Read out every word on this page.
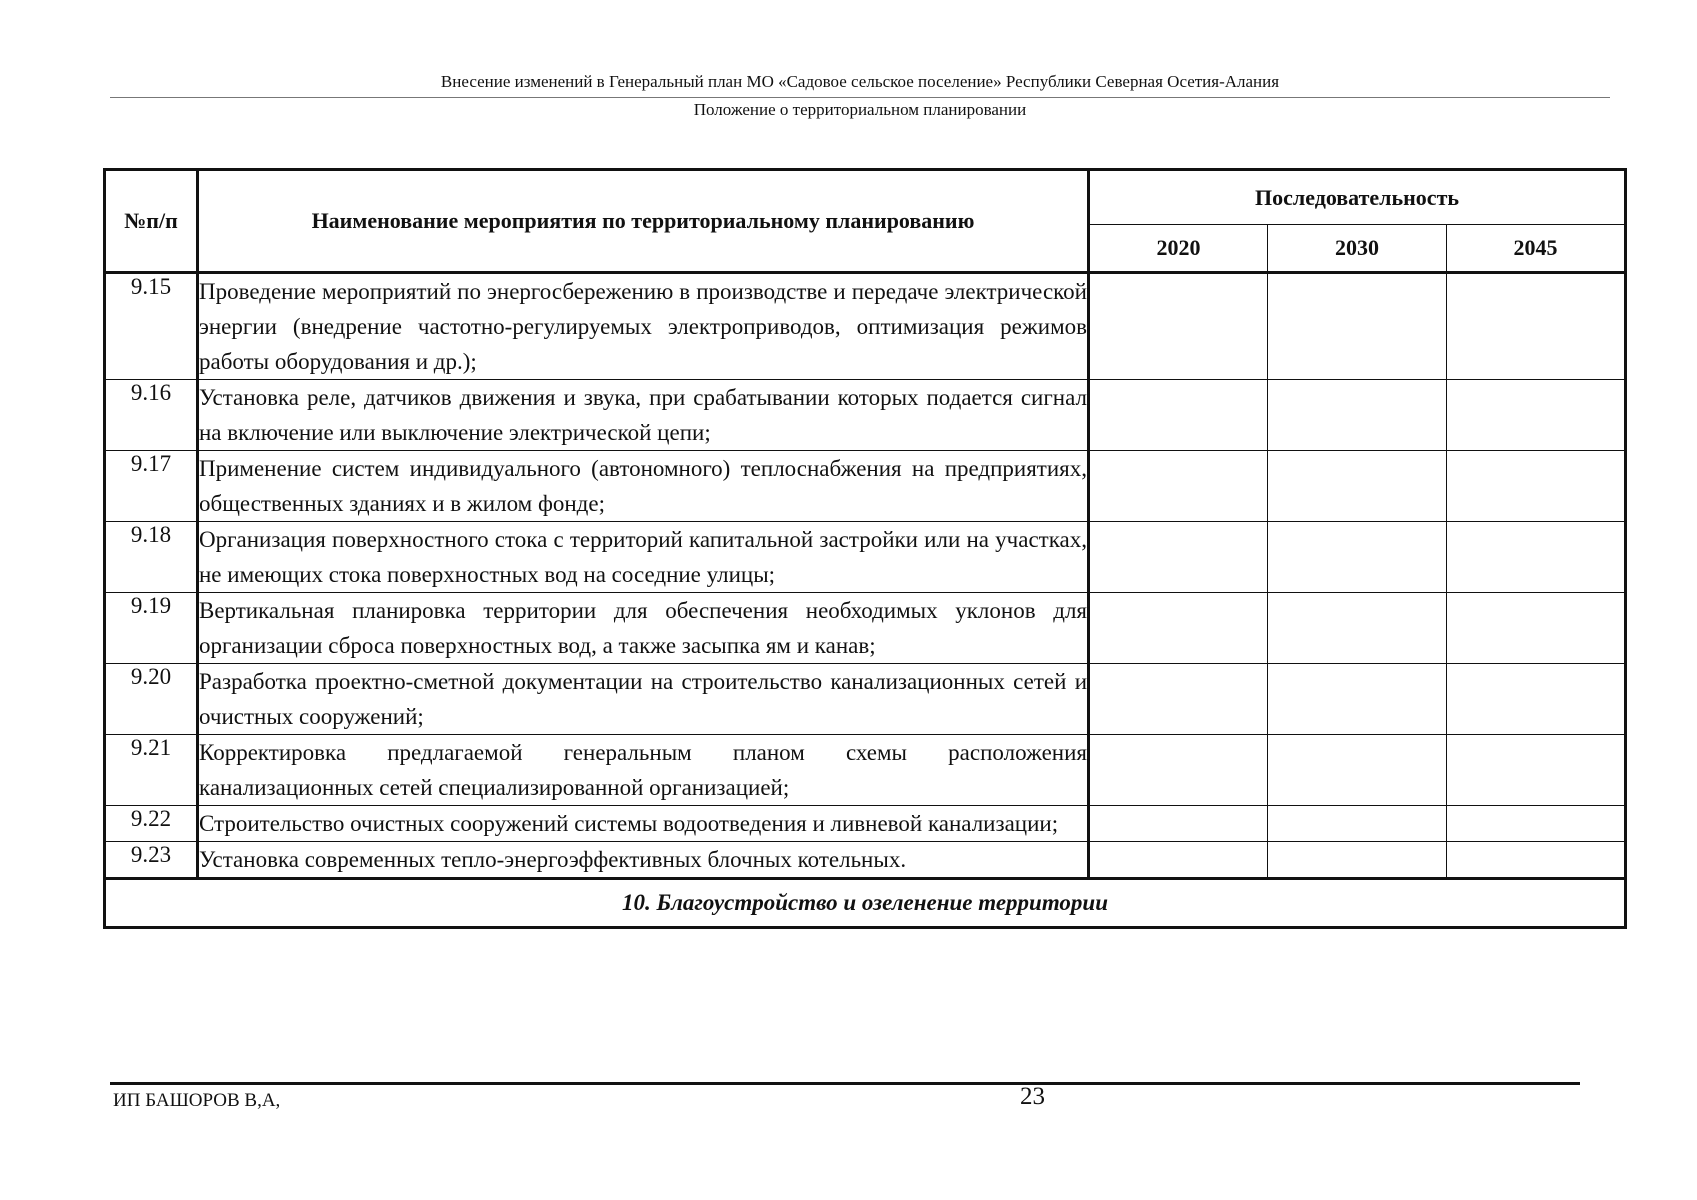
Внесение изменений в Генеральный план МО «Садовое сельское поселение» Республики Северная Осетия-Алания
Положение о территориальном планировании
№п/п	Наименование мероприятия по территориальному планированию	Последовательность		
		2020	2030	2045
9.15	Проведение мероприятий по энергосбережению в производстве и передаче электрической энергии (внедрение частотно-регулируемых электроприводов, оптимизация режимов работы оборудования и др.);			
9.16	Установка реле, датчиков движения и звука, при срабатывании которых подается сигнал на включение или выключение электрической цепи;			
9.17	Применение систем индивидуального (автономного) теплоснабжения на предприятиях, общественных зданиях и в жилом фонде;			
9.18	Организация поверхностного стока с территорий капитальной застройки или на участках, не имеющих стока поверхностных вод на соседние улицы;			
9.19	Вертикальная планировка территории для обеспечения необходимых уклонов для организации сброса поверхностных вод, а также засыпка ям и канав;			
9.20	Разработка проектно-сметной документации на строительство канализационных сетей и очистных сооружений;			
9.21	Корректировка предлагаемой генеральным планом схемы расположения канализационных сетей специализированной организацией;			
9.22	Строительство очистных сооружений системы водоотведения и ливневой канализации;			
9.23	Установка современных тепло-энергоэффективных блочных котельных.			
10. Благоустройство и озеленение территории				
ИП БАШОРОВ В,А,	23
